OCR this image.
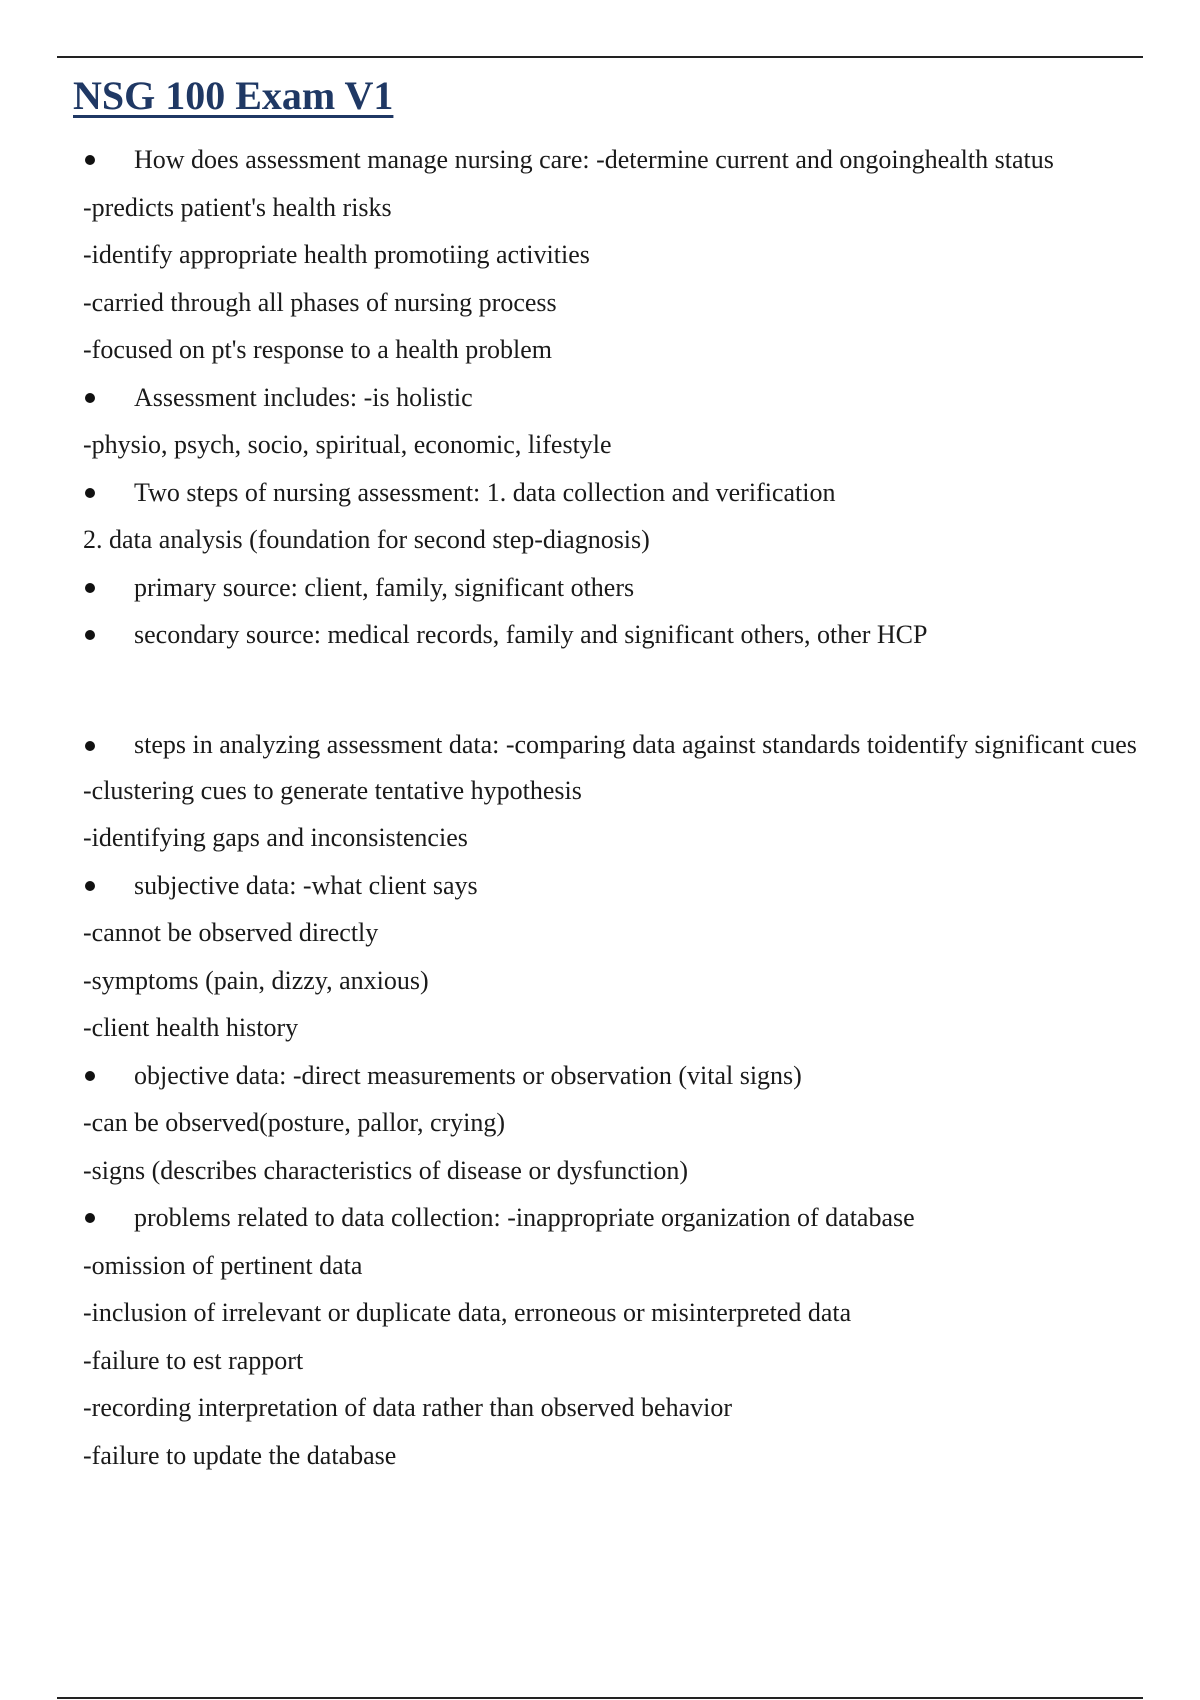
NSG 100 Exam V1

How does assessment manage nursing care: -determine current and ongoinghealth status

-predicts patient's health risks

-identify appropriate health promotiing activities

-carried through all phases of nursing process

-focused on pt's response to a health problem

Assessment includes: -is holistic

-physio, psych, socio, spiritual, economic, lifestyle

Two steps of nursing assessment: 1. data collection and verification

2. data analysis (foundation for second step-diagnosis)

primary source: client, family, significant others

secondary source: medical records, family and significant others, other HCP

steps in analyzing assessment data: -comparing data against standards toidentify significant cues

-clustering cues to generate tentative hypothesis

-identifying gaps and inconsistencies

subjective data: -what client says

-cannot be observed directly

-symptoms (pain, dizzy, anxious)

-client health history

objective data: -direct measurements or observation (vital signs)

-can be observed(posture, pallor, crying)

-signs (describes characteristics of disease or dysfunction)

problems related to data collection: -inappropriate organization of database

-omission of pertinent data

-inclusion of irrelevant or duplicate data, erroneous or misinterpreted data

-failure to est rapport

-recording interpretation of data rather than observed behavior

-failure to update the database
